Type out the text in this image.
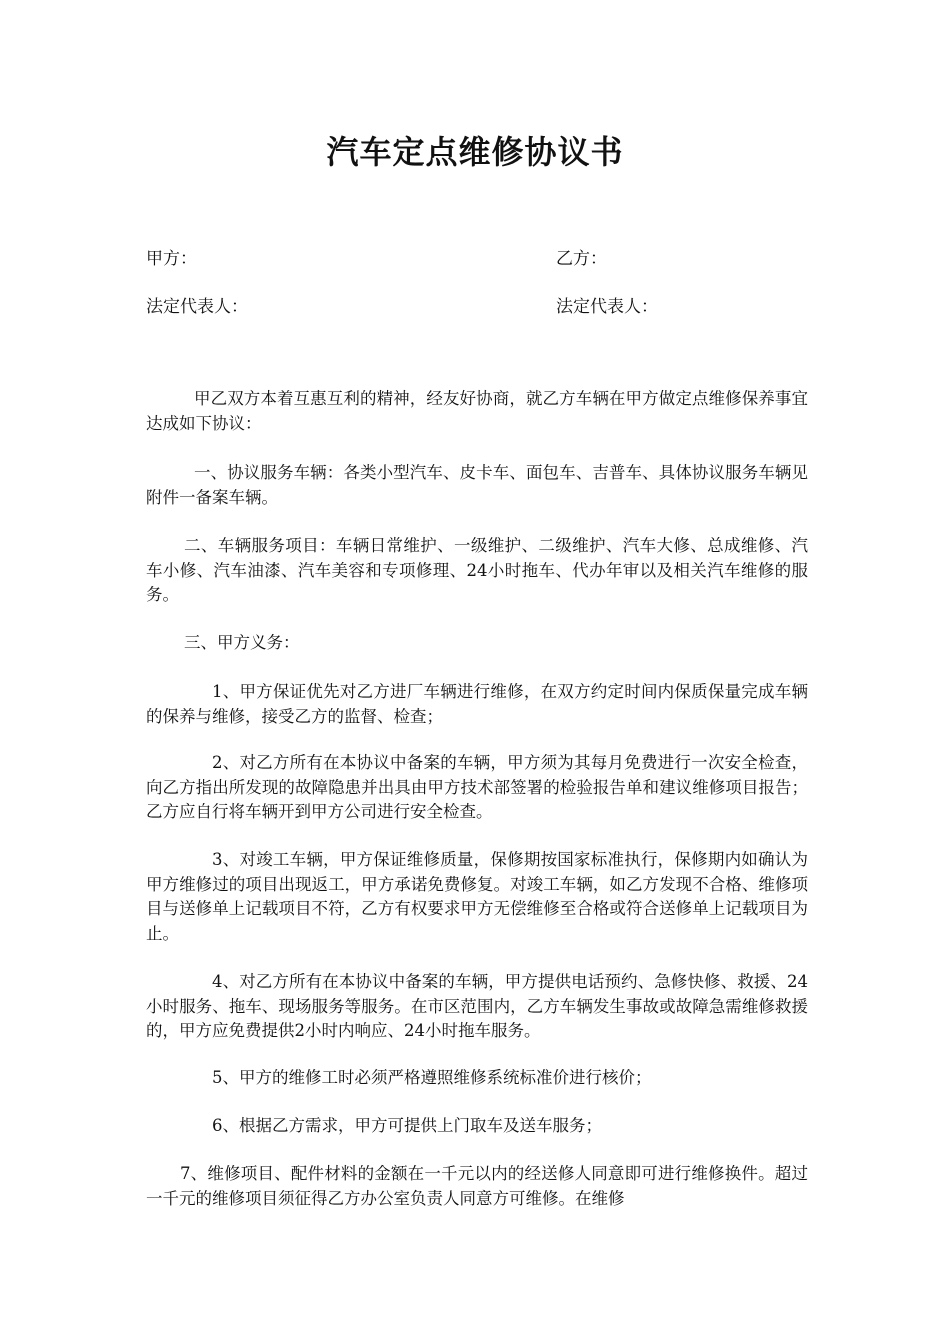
汽车定点维修协议书
甲方：	乙方：
法定代表人：	法定代表人：

甲乙双方本着互惠互利的精神，经友好协商，就乙方车辆在甲方做定点维修保养事宜达成如下协议：

一、协议服务车辆：各类小型汽车、皮卡车、面包车、吉普车、具体协议服务车辆见附件一备案车辆。

二、车辆服务项目：车辆日常维护、一级维护、二级维护、汽车大修、总成维修、汽车小修、汽车油漆、汽车美容和专项修理、24小时拖车、代办年审以及相关汽车维修的服务。

三、甲方义务：

1、甲方保证优先对乙方进厂车辆进行维修，在双方约定时间内保质保量完成车辆的保养与维修，接受乙方的监督、检查；

2、对乙方所有在本协议中备案的车辆，甲方须为其每月免费进行一次安全检查，向乙方指出所发现的故障隐患并出具由甲方技术部签署的检验报告单和建议维修项目报告；乙方应自行将车辆开到甲方公司进行安全检查。

3、对竣工车辆，甲方保证维修质量，保修期按国家标准执行，保修期内如确认为甲方维修过的项目出现返工，甲方承诺免费修复。对竣工车辆，如乙方发现不合格、维修项目与送修单上记载项目不符，乙方有权要求甲方无偿维修至合格或符合送修单上记载项目为止。

4、对乙方所有在本协议中备案的车辆，甲方提供电话预约、急修快修、救援、24小时服务、拖车、现场服务等服务。在市区范围内，乙方车辆发生事故或故障急需维修救援的，甲方应免费提供2小时内响应、24小时拖车服务。

5、甲方的维修工时必须严格遵照维修系统标准价进行核价；

6、根据乙方需求，甲方可提供上门取车及送车服务；

7、维修项目、配件材料的金额在一千元以内的经送修人同意即可进行维修换件。超过一千元的维修项目须征得乙方办公室负责人同意方可维修。在维修
